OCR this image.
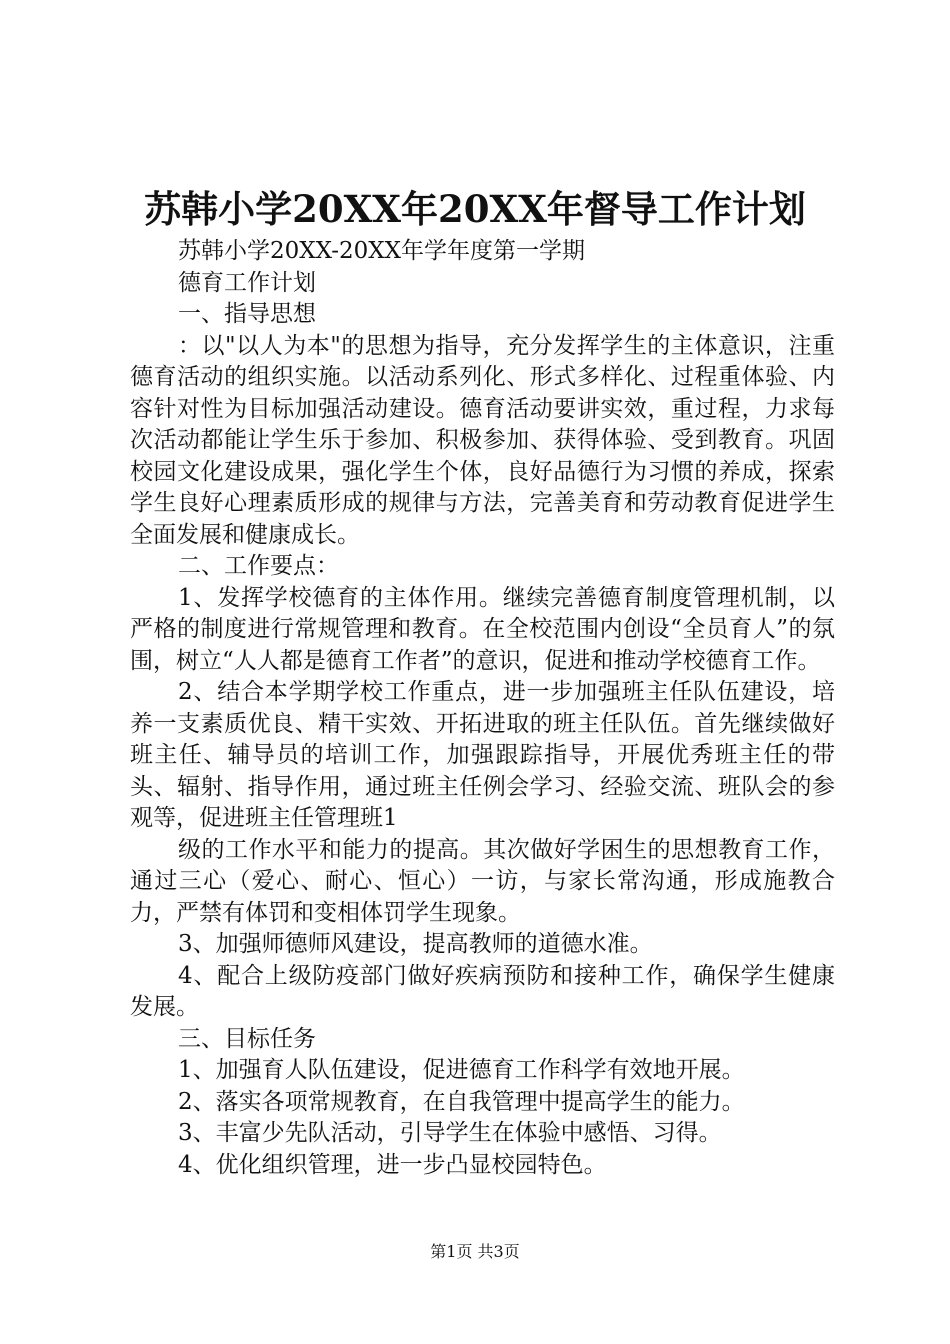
苏韩小学20XX年20XX年督导工作计划

苏韩小学20XX-20XX年学年度第一学期

德育工作计划

一、指导思想

：以"以人为本"的思想为指导，充分发挥学生的主体意识，注重德育活动的组织实施。以活动系列化、形式多样化、过程重体验、内容针对性为目标加强活动建设。德育活动要讲实效，重过程，力求每次活动都能让学生乐于参加、积极参加、获得体验、受到教育。巩固校园文化建设成果，强化学生个体，良好品德行为习惯的养成，探索学生良好心理素质形成的规律与方法，完善美育和劳动教育促进学生全面发展和健康成长。

二、工作要点：

1、发挥学校德育的主体作用。继续完善德育制度管理机制，以严格的制度进行常规管理和教育。在全校范围内创设“全员育人”的氛围，树立“人人都是德育工作者”的意识，促进和推动学校德育工作。

2、结合本学期学校工作重点，进一步加强班主任队伍建设，培养一支素质优良、精干实效、开拓进取的班主任队伍。首先继续做好班主任、辅导员的培训工作，加强跟踪指导，开展优秀班主任的带头、辐射、指导作用，通过班主任例会学习、经验交流、班队会的参观等，促进班主任管理班1

级的工作水平和能力的提高。其次做好学困生的思想教育工作，通过三心（爱心、耐心、恒心）一访，与家长常沟通，形成施教合力，严禁有体罚和变相体罚学生现象。

3、加强师德师风建设，提高教师的道德水准。

4、配合上级防疫部门做好疾病预防和接种工作，确保学生健康发展。

三、目标任务

1、加强育人队伍建设，促进德育工作科学有效地开展。

2、落实各项常规教育，在自我管理中提高学生的能力。

3、丰富少先队活动，引导学生在体验中感悟、习得。

4、优化组织管理，进一步凸显校园特色。

第1页 共3页
